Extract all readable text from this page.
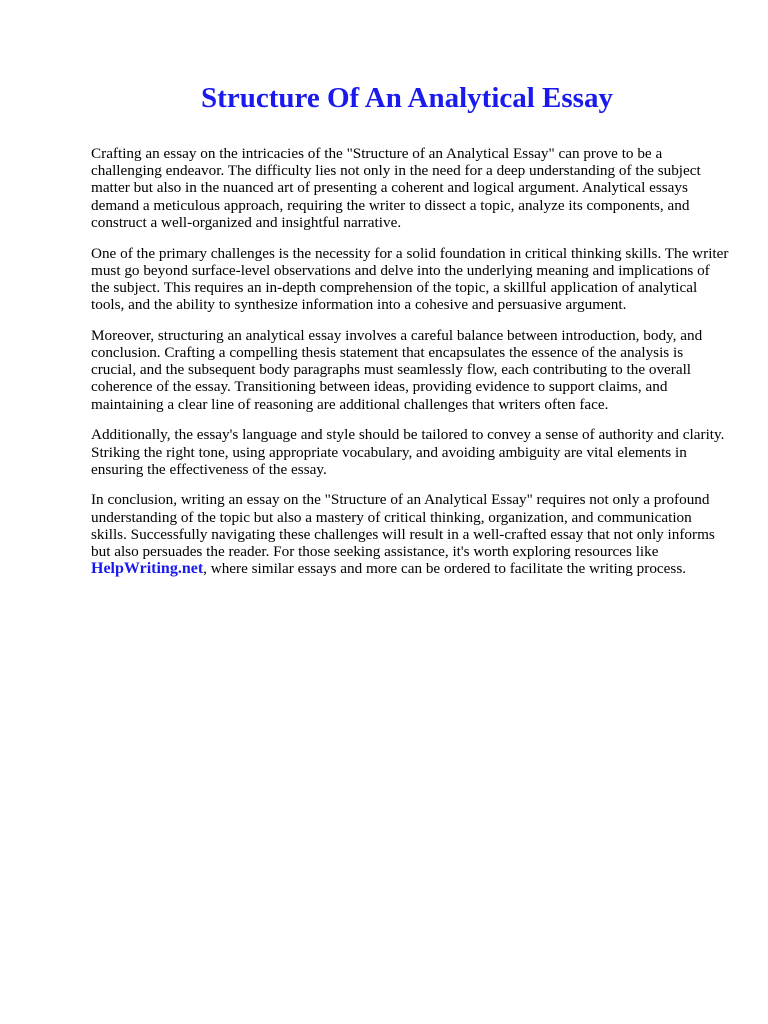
Structure Of An Analytical Essay

Crafting an essay on the intricacies of the "Structure of an Analytical Essay" can prove to be a challenging endeavor. The difficulty lies not only in the need for a deep understanding of the subject matter but also in the nuanced art of presenting a coherent and logical argument. Analytical essays demand a meticulous approach, requiring the writer to dissect a topic, analyze its components, and construct a well-organized and insightful narrative.

One of the primary challenges is the necessity for a solid foundation in critical thinking skills. The writer must go beyond surface-level observations and delve into the underlying meaning and implications of the subject. This requires an in-depth comprehension of the topic, a skillful application of analytical tools, and the ability to synthesize information into a cohesive and persuasive argument.

Moreover, structuring an analytical essay involves a careful balance between introduction, body, and conclusion. Crafting a compelling thesis statement that encapsulates the essence of the analysis is crucial, and the subsequent body paragraphs must seamlessly flow, each contributing to the overall coherence of the essay. Transitioning between ideas, providing evidence to support claims, and maintaining a clear line of reasoning are additional challenges that writers often face.

Additionally, the essay's language and style should be tailored to convey a sense of authority and clarity. Striking the right tone, using appropriate vocabulary, and avoiding ambiguity are vital elements in ensuring the effectiveness of the essay.

In conclusion, writing an essay on the "Structure of an Analytical Essay" requires not only a profound understanding of the topic but also a mastery of critical thinking, organization, and communication skills. Successfully navigating these challenges will result in a well-crafted essay that not only informs but also persuades the reader. For those seeking assistance, it's worth exploring resources like HelpWriting.net, where similar essays and more can be ordered to facilitate the writing process.
